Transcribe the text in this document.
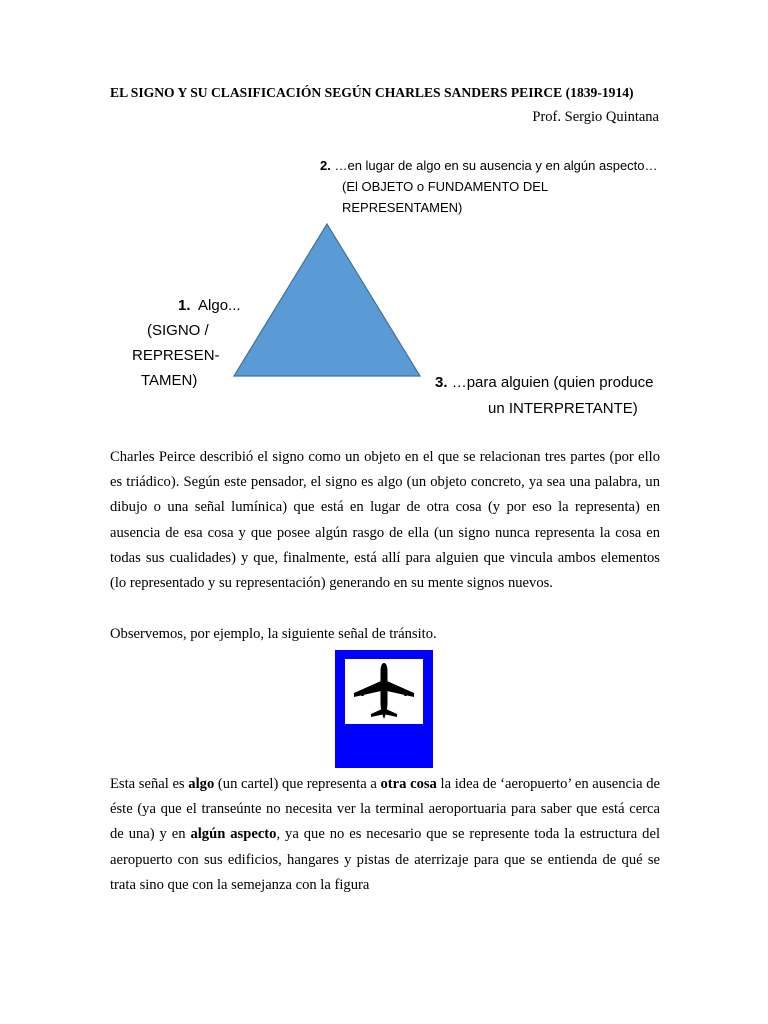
EL SIGNO Y SU CLASIFICACIÓN SEGÚN CHARLES SANDERS PEIRCE (1839-1914)
Prof. Sergio Quintana
2. …en lugar de algo en su ausencia y en algún aspecto…
(El OBJETO o FUNDAMENTO DEL
REPRESENTAMEN)
1. Algo...
(SIGNO /
REPRESEN-
TAMEN)	3. …para alguien (quien produce
un INTERPRETANTE)

Charles Peirce describió el signo como un objeto en el que se relacionan tres partes (por ello es triádico). Según este pensador, el signo es algo (un objeto concreto, ya sea una palabra, un dibujo o una señal lumínica) que está en lugar de otra cosa (y por eso la representa) en ausencia de esa cosa y que posee algún rasgo de ella (un signo nunca representa la cosa en todas sus cualidades) y que, finalmente, está allí para alguien que vincula ambos elementos (lo representado y su representación) generando en su mente signos nuevos.

Observemos, por ejemplo, la siguiente señal de tránsito.

Esta señal es algo (un cartel) que representa a otra cosa la idea de ‘aeropuerto’ en ausencia de éste (ya que el transeúnte no necesita ver la terminal aeroportuaria para saber que está cerca de una) y en algún aspecto, ya que no es necesario que se represente toda la estructura del aeropuerto con sus edificios, hangares y pistas de aterrizaje para que se entienda de qué se trata sino que con la semejanza con la figura
